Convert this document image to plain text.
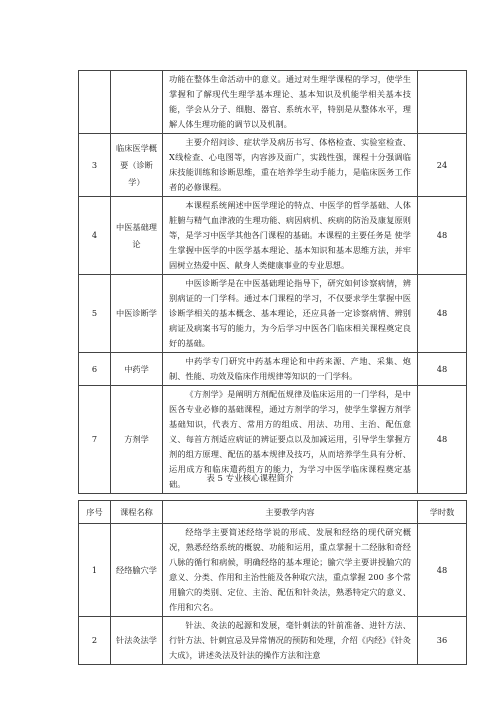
		功能在整体生命活动中的意义。通过对生理学课程的学习，使学生掌握和了解现代生理学基本理论、基本知识及机能学相关基本技能，学会从分子、细胞、器官、系统水平，特别是从整体水平，理解人体生理功能的调节以及机制。	
3	临床医学概要（诊断学）	主要介绍问诊、症状学及病历书写、体格检查、实验室检查、X线检查、心电图等，内容涉及面广，实践性强，课程十分强调临床技能训练和诊断思维，重在培养学生动手能力，是临床医务工作者的必修课程。	24
4	中医基础理论	本课程系统阐述中医学理论的特点、中医学的哲学基础、人体脏腑与精气血津液的生理功能、病因病机、疾病的防治及康复原则等，是学习中医学其他各门课程的基础。本课程的主要任务是 使学生掌握中医学的中医学基本理论、基本知识和基本思维方法，并牢固树立热爱中医、献身人类健康事业的专业思想。	48
5	中医诊断学	中医诊断学是在中医基础理论指导下，研究如何诊察病情，辨别病证的一门学科。通过本门课程的学习，不仅要求学生掌握中医诊断学相关的基本概念、基本理论，还应具备一定诊察病情、辨别病证及病案书写的能力，为今后学习中医各门临床相关课程奠定良好的基础。	48
6	中药学	中药学专门研究中药基本理论和中药来源、产地、采集、炮制、性能、功效及临床作用规律等知识的一门学科。	48
7	方剂学	《方剂学》是阐明方剂配伍规律及临床运用的一门学科，是中医各专业必修的基础课程，通过方剂学的学习，使学生掌握方剂学基础知识，代表方、常用方的组成、用法、功用、主治、配伍意义、每首方剂适应病证的辨证要点以及加减运用，引导学生掌握方剂的组方原理、配伍的基本规律及技巧，从而培养学生具有分析、运用成方和临床遣药组方的能力，为学习中医学临床课程奠定基础。	48
表 5 专业核心课程简介
序号	课程名称	主要教学内容	学时数
1	经络腧穴学	经络学主要简述经络学说的形成、发展和经络的现代研究概况，熟悉经络系统的概貌、功能和运用，重点掌握十二经脉和奇经八脉的循行和病候，明确经络的基本理论；腧穴学主要讲授腧穴的意义、分类、作用和主治性能及各种取穴法，重点掌握 200 多个常用腧穴的类别、定位、主治、配伍和针灸法，熟悉特定穴的意义、作用和穴名。	48
2	针法灸法学	针法、灸法的起源和发展，毫针刺法的针前准备、进针方法、行针方法、针刺宜忌及异常情况的预防和处理，介绍《内经》《针灸大成》，讲述灸法及针法的操作方法和注意	36
